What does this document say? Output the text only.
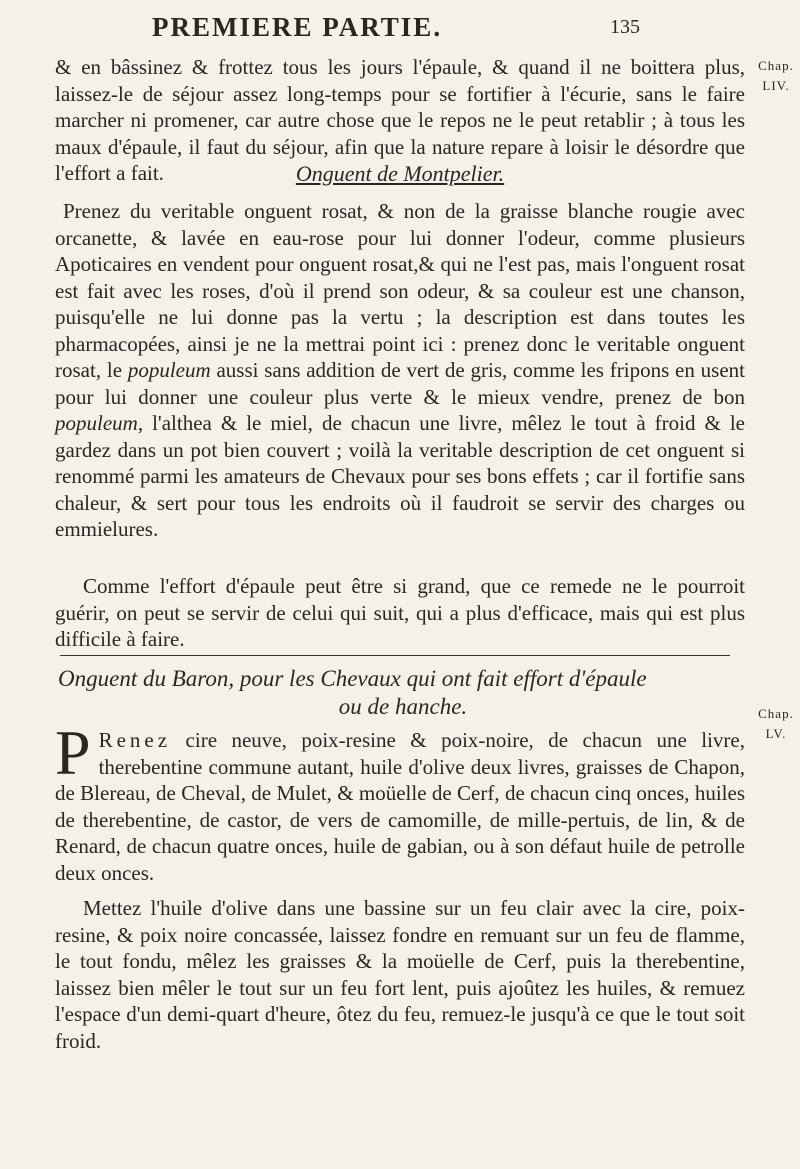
PREMIERE PARTIE.	135
Chap.
LIV.
& en bâssinez & frottez tous les jours l'épaule, & quand il ne boittera plus, laissez-le de séjour assez long-temps pour se fortifier à l'écurie, sans le faire marcher ni promener, car autre chose que le repos ne le peut retablir ; à tous les maux d'épaule, il faut du séjour, afin que la nature repare à loisir le désordre que l'effort a fait.	Onguent de Montpelier.
Prenez du veritable onguent rosat, & non de la graisse blanche rougie avec orcanette, & lavée en eau-rose pour lui donner l'odeur, comme plusieurs Apoticaires en vendent pour onguent rosat,& qui ne l'est pas, mais l'onguent rosat est fait avec les roses, d'où il prend son odeur, & sa couleur est une chanson, puisqu'elle ne lui donne pas la vertu ; la description est dans toutes les pharmacopées, ainsi je ne la mettrai point ici : prenez donc le veritable onguent rosat, le populeum aussi sans addition de vert de gris, comme les fripons en usent pour lui donner une couleur plus verte & le mieux vendre, prenez de bon populeum, l'althea & le miel, de chacun une livre, mêlez le tout à froid & le gardez dans un pot bien couvert ; voilà la veritable description de cet onguent si renommé parmi les amateurs de Chevaux pour ses bons effets ; car il fortifie sans chaleur, & sert pour tous les endroits où il faudroit se servir des charges ou emmielures.
Comme l'effort d'épaule peut être si grand, que ce remede ne le pourroit guérir, on peut se servir de celui qui suit, qui a plus d'efficace, mais qui est plus difficile à faire.
Onguent du Baron, pour les Chevaux qui ont fait effort d'épaule
ou de hanche.	Chap.
LV.
P Renez cire neuve, poix-resine & poix-noire, de chacun une livre, therebentine commune autant, huile d'olive deux livres, graisses de Chapon, de Blereau, de Cheval, de Mulet, & moüelle de Cerf, de chacun cinq onces, huiles de therebentine, de castor, de vers de camomille, de mille-pertuis, de lin, & de Renard, de chacun quatre onces, huile de gabian, ou à son défaut huile de petrolle deux onces.
Mettez l'huile d'olive dans une bassine sur un feu clair avec la cire, poix-resine, & poix noire concassée, laissez fondre en remuant sur un feu de flamme, le tout fondu, mêlez les graisses & la moüelle de Cerf, puis la therebentine, laissez bien mêler le tout sur un feu fort lent, puis ajoûtez les huiles, & remuez l'espace d'un demi-quart d'heure, ôtez du feu, remuez-le jusqu'à ce que le tout soit froid.
